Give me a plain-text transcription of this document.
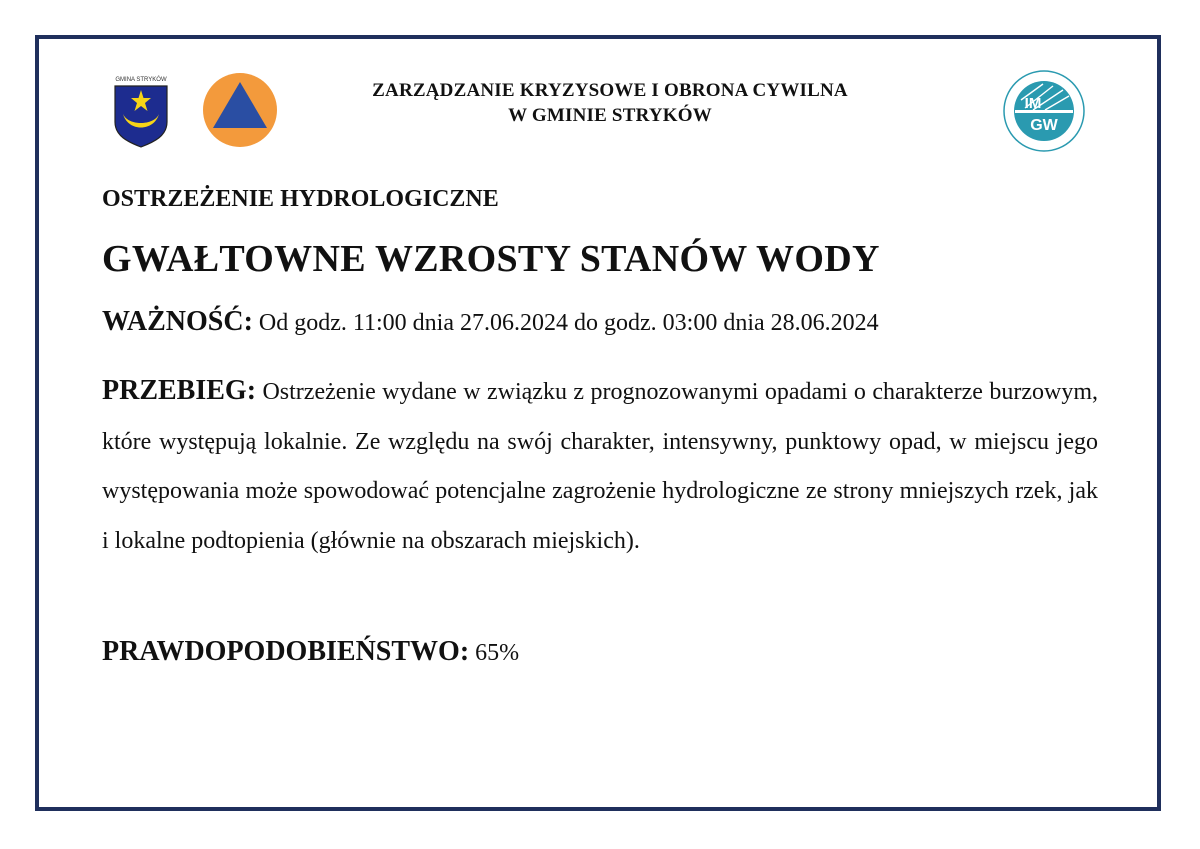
GMINA STRYKÓW	ZARZĄDZANIE KRYZYSOWE I OBRONA CYWILNA
W GMINIE STRYKÓW
IM
GW
OSTRZEŻENIE HYDROLOGICZNE
GWAŁTOWNE WZROSTY STANÓW WODY
WAŻNOŚĆ: Od godz. 11:00 dnia 27.06.2024 do godz. 03:00 dnia 28.06.2024
PRZEBIEG: Ostrzeżenie wydane w związku z prognozowanymi opadami o charakterze burzowym, które występują lokalnie. Ze względu na swój charakter, intensywny, punktowy opad, w miejscu jego występowania może spowodować potencjalne zagrożenie hydrologiczne ze strony mniejszych rzek, jak i lokalne podtopienia (głównie na obszarach miejskich).
PRAWDOPODOBIEŃSTWO: 65%
